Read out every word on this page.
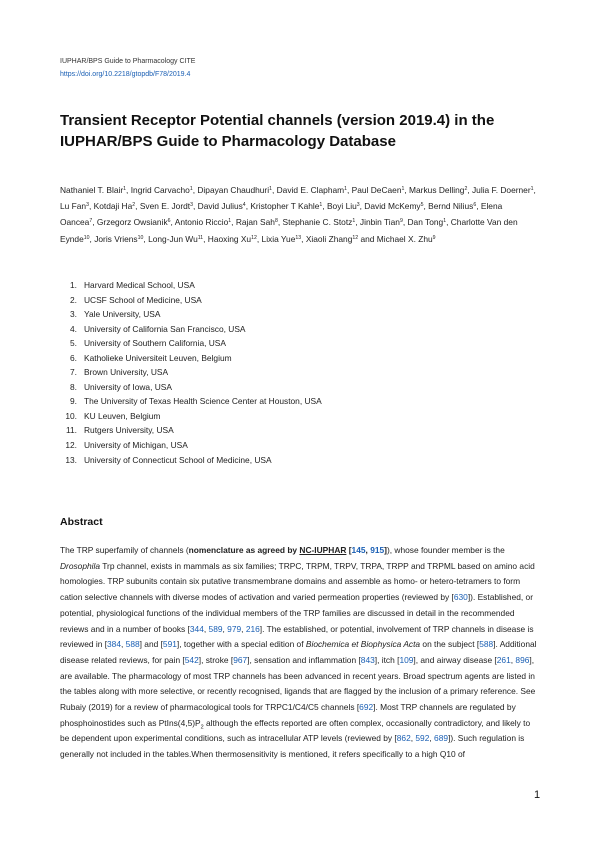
IUPHAR/BPS Guide to Pharmacology CITE
https://doi.org/10.2218/gtopdb/F78/2019.4
Transient Receptor Potential channels (version 2019.4) in the IUPHAR/BPS Guide to Pharmacology Database
Nathaniel T. Blair$^1$, Ingrid Carvacho$^1$, Dipayan Chaudhuri$^1$, David E. Clapham$^1$, Paul DeCaen$^1$, Markus Delling$^2$, Julia F. Doerner$^1$, Lu Fan$^3$, Kotdaji Ha$^2$, Sven E. Jordt$^3$, David Julius$^4$, Kristopher T Kahle$^1$, Boyi Liu$^3$, David McKemy$^5$, Bernd Nilius$^6$, Elena Oancea$^7$, Grzegorz Owsianik$^6$, Antonio Riccio$^1$, Rajan Sah$^8$, Stephanie C. Stotz$^1$, Jinbin Tian$^9$, Dan Tong$^1$, Charlotte Van den Eynde$^{10}$, Joris Vriens$^{10}$, Long-Jun Wu$^{11}$, Haoxing Xu$^{12}$, Lixia Yue$^{13}$, Xiaoli Zhang$^{12}$ and Michael X. Zhu$^9$
1. Harvard Medical School, USA
2. UCSF School of Medicine, USA
3. Yale University, USA
4. University of California San Francisco, USA
5. University of Southern California, USA
6. Katholieke Universiteit Leuven, Belgium
7. Brown University, USA
8. University of Iowa, USA
9. The University of Texas Health Science Center at Houston, USA
10. KU Leuven, Belgium
11. Rutgers University, USA
12. University of Michigan, USA
13. University of Connecticut School of Medicine, USA
Abstract

The TRP superfamily of channels (nomenclature as agreed by NC-IUPHAR [145, 915]), whose founder member is the Drosophila Trp channel, exists in mammals as six families; TRPC, TRPM, TRPV, TRPA, TRPP and TRPML based on amino acid homologies. TRP subunits contain six putative transmembrane domains and assemble as homo- or hetero-tetramers to form cation selective channels with diverse modes of activation and varied permeation properties (reviewed by [630]). Established, or potential, physiological functions of the individual members of the TRP families are discussed in detail in the recommended reviews and in a number of books [344, 589, 979, 216]. The established, or potential, involvement of TRP channels in disease is reviewed in [384, 588] and [591], together with a special edition of Biochemica et Biophysica Acta on the subject [588]. Additional disease related reviews, for pain [542], stroke [967], sensation and inflammation [843], itch [109], and airway disease [261, 896], are available. The pharmacology of most TRP channels has been advanced in recent years. Broad spectrum agents are listed in the tables along with more selective, or recently recognised, ligands that are flagged by the inclusion of a primary reference. See Rubaiy (2019) for a review of pharmacological tools for TRPC1/C4/C5 channels [692]. Most TRP channels are regulated by phosphoinostides such as $PtIns(4,5)P_2$ although the effects reported are often complex, occasionally contradictory, and likely to be dependent upon experimental conditions, such as intracellular ATP levels (reviewed by [862, 592, 689]). Such regulation is generally not included in the tables.When thermosensitivity is mentioned, it refers specifically to a high Q10 of

1
